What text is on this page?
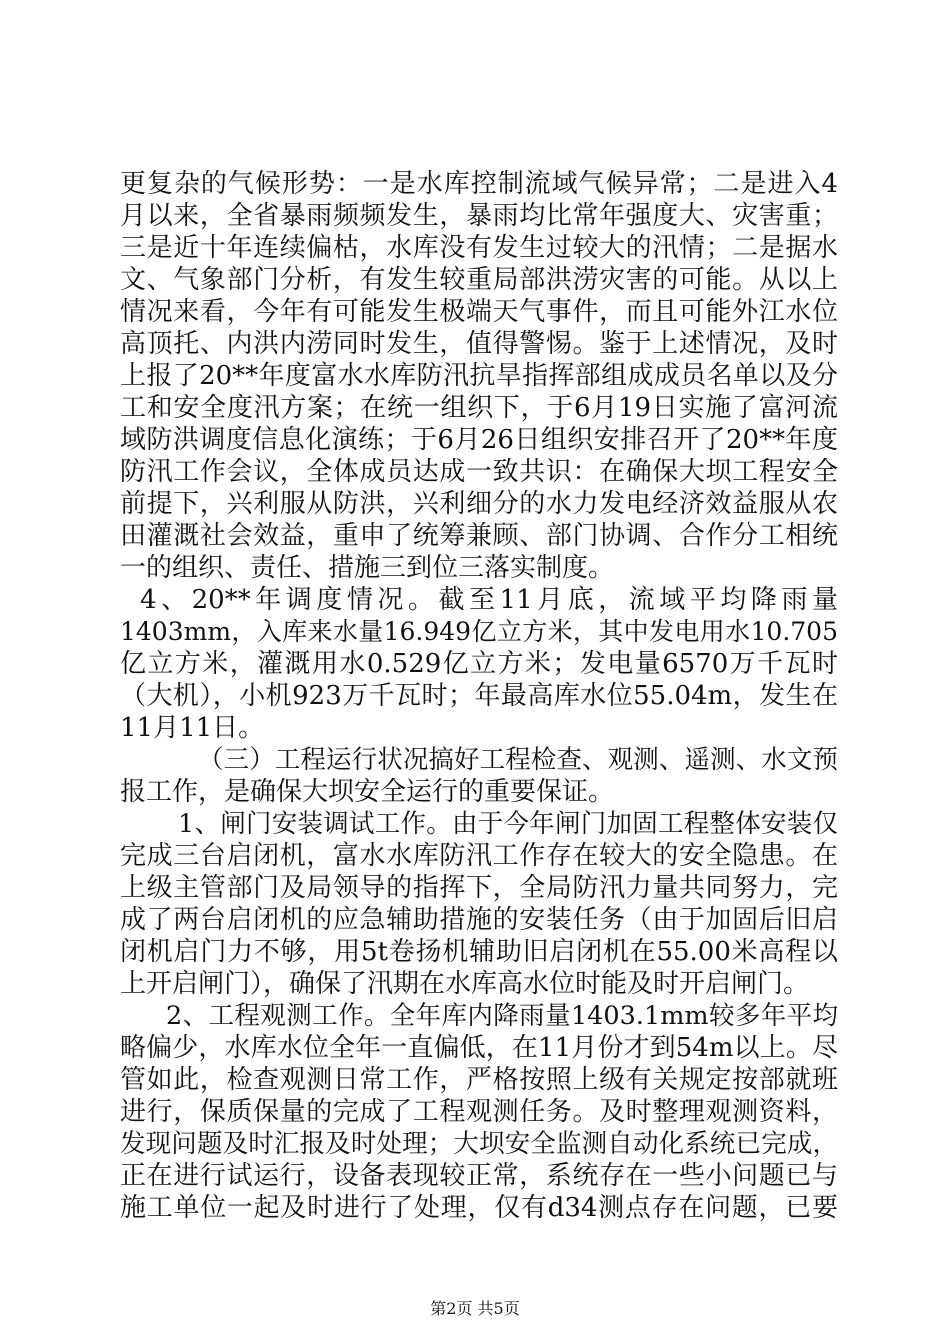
更复杂的气候形势：一是水库控制流域气候异常；二是进入4
月以来，全省暴雨频频发生，暴雨均比常年强度大、灾害重；
三是近十年连续偏枯，水库没有发生过较大的汛情；二是据水
文、气象部门分析，有发生较重局部洪涝灾害的可能。从以上
情况来看，今年有可能发生极端天气事件，而且可能外江水位
高顶托、内洪内涝同时发生，值得警惕。鉴于上述情况，及时
上报了20**年度富水水库防汛抗旱指挥部组成成员名单以及分
工和安全度汛方案；在统一组织下，于6月19日实施了富河流
域防洪调度信息化演练；于6月26日组织安排召开了20**年度
防汛工作会议，全体成员达成一致共识：在确保大坝工程安全
前提下，兴利服从防洪，兴利细分的水力发电经济效益服从农
田灌溉社会效益，重申了统筹兼顾、部门协调、合作分工相统
一的组织、责任、措施三到位三落实制度。
4、20**年调度情况。截至11月底，流域平均降雨量
1403mm，入库来水量16.949亿立方米，其中发电用水10.705
亿立方米，灌溉用水0.529亿立方米；发电量6570万千瓦时
（大机），小机923万千瓦时；年最高库水位55.04m，发生在
11月11日。
（三）工程运行状况搞好工程检查、观测、遥测、水文预
报工作，是确保大坝安全运行的重要保证。
1、闸门安装调试工作。由于今年闸门加固工程整体安装仅
完成三台启闭机，富水水库防汛工作存在较大的安全隐患。在
上级主管部门及局领导的指挥下，全局防汛力量共同努力，完
成了两台启闭机的应急辅助措施的安装任务（由于加固后旧启
闭机启门力不够，用5t卷扬机辅助旧启闭机在55.00米高程以
上开启闸门），确保了汛期在水库高水位时能及时开启闸门。
2、工程观测工作。全年库内降雨量1403.1mm较多年平均
略偏少，水库水位全年一直偏低，在11月份才到54m以上。尽
管如此，检查观测日常工作，严格按照上级有关规定按部就班
进行，保质保量的完成了工程观测任务。及时整理观测资料，
发现问题及时汇报及时处理；大坝安全监测自动化系统已完成，
正在进行试运行，设备表现较正常，系统存在一些小问题已与
施工单位一起及时进行了处理，仅有d34测点存在问题，已要
第2页 共5页
